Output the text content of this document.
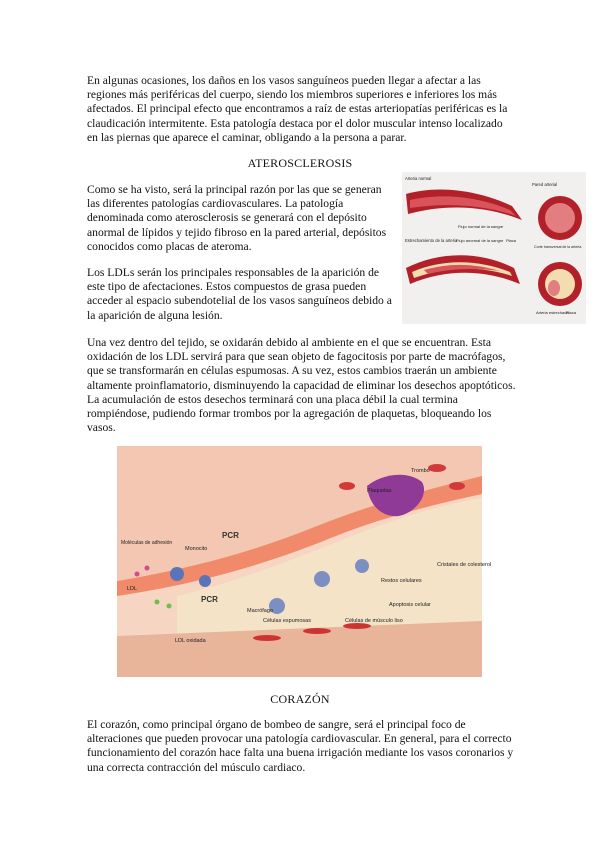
En algunas ocasiones, los daños en los vasos sanguíneos pueden llegar a afectar a las regiones más periféricas del cuerpo, siendo los miembros superiores e inferiores los más afectados. El principal efecto que encontramos a raíz de estas arteriopatías periféricas es la claudicación intermitente. Esta patología destaca por el dolor muscular intenso localizado en las piernas que aparece el caminar, obligando a la persona a parar.

ATEROSCLEROSIS

Como se ha visto, será la principal razón por las que se generan las diferentes patologías cardiovasculares. La patología denominada como aterosclerosis se generará con el depósito anormal de lípidos y tejido fibroso en la pared arterial, depósitos conocidos como placas de ateroma.

Los LDLs serán los principales responsables de la aparición de este tipo de afectaciones. Estos compuestos de grasa pueden acceder al espacio subendotelial de los vasos sanguíneos debido a la aparición de alguna lesión.

Una vez dentro del tejido, se oxidarán debido al ambiente en el que se encuentran. Esta oxidación de los LDL servirá para que sean objeto de fagocitosis por parte de macrófagos, que se transformarán en células espumosas. A su vez, estos cambios traerán un ambiente altamente proinflamatorio, disminuyendo la capacidad de eliminar los desechos apoptóticos. La acumulación de estos desechos terminará con una placa débil la cual termina rompiéndose, pudiendo formar trombos por la agregación de plaquetas, bloqueando los vasos.

Arteria normal
Pared arterial
Flujo normal de la sangre
Estrechamiento de la arteria
Flujo anormal de la sangre Placa
Corte transversal de la arteria
Arteria estrechada
Placa
Trombo
Plaquetas
PCR
Moléculas de adhesión
Monocito
LDL
PCR
Macrófago
LDL oxidada
Células espumosas	Células de músculo liso
Restos celulares
Apoptosis celular
Cristales de colesterol
CORAZÓN

El corazón, como principal órgano de bombeo de sangre, será el principal foco de alteraciones que pueden provocar una patología cardiovascular. En general, para el correcto funcionamiento del corazón hace falta una buena irrigación mediante los vasos coronarios y una correcta contracción del músculo cardiaco.
